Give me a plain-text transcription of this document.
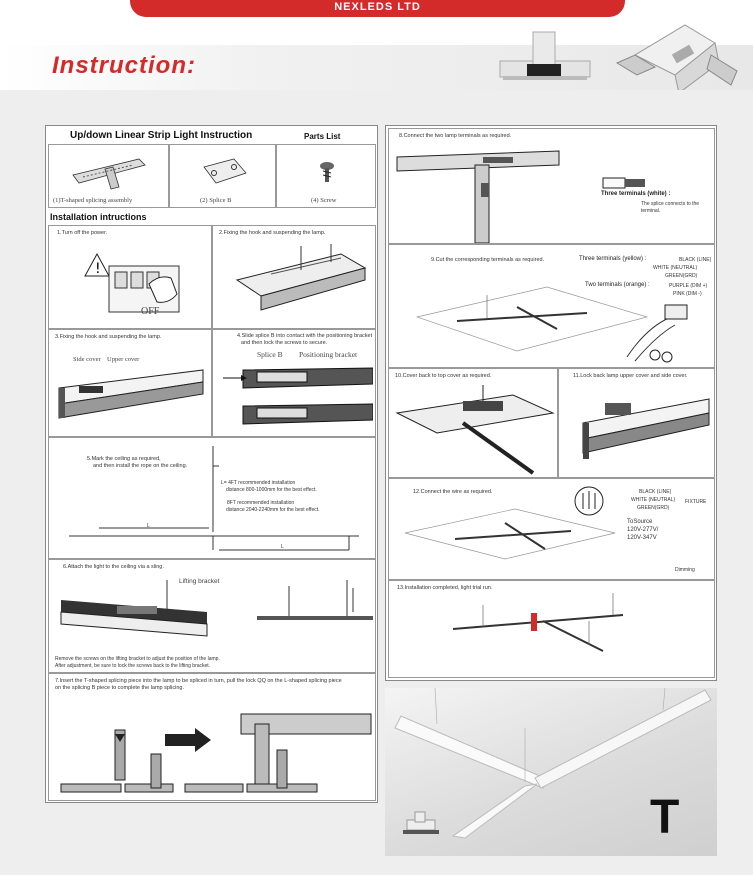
NEXLEDS LTD
Instruction:
Up/down Linear Strip Light Instruction	Parts List
(1)T-shaped splicing assembly	(2) Splice B	(4) Screw
Installation intructions
1.Turn off the power.
!
OFF
2.Fixing the hook and suspending the lamp.
3.Fixing the hook and suspending the lamp.
Side cover Upper cover
4.Slide splice B into contact with the positioning bracket
and then lock the screws to secure.
Splice B Positioning bracket
5.Mark the ceiling as required,
and then install the rope on the ceiling.
L= 4FT recommended installation
distance 800-1000mm for the best effect.
8FT recommended installation
distance 2040-2240mm for the best effect.
L
L
6.Attach the light to the ceiling via a sling.
Lifting bracket
Remove the screws on the lifting bracket to adjust the position of the lamp.
After adjustment, be sure to lock the screws back to the lifting bracket.
7.Insert the T-shaped splicing piece into the lamp to be spliced in turn, pull the lock QQ on the L-shaped splicing piece
on the splicing B piece to complete the lamp splicing.
8.Connect the two lamp terminals as required.
Three terminals (white) :
The splice connects to the terminal.
9.Cut the corresponding terminals as required.	Three terminals (yellow) :	BLACK (LINE)
WHITE (NEUTRAL)
GREEN(GRD)
Two terminals (orange) :	PURPLE (DIM +)
PINK (DIM -)
10.Cover back to top cover as required.	11.Lock back lamp upper cover and side cover.
12.Connect the wire as required.	BLACK (LINE)
WHITE (NEUTRAL)
GREEN(GRD)
FIXTURE
ToSource
120V-277V/
120V-347V
Dimming
13.Installation completed, light trial run.
T
